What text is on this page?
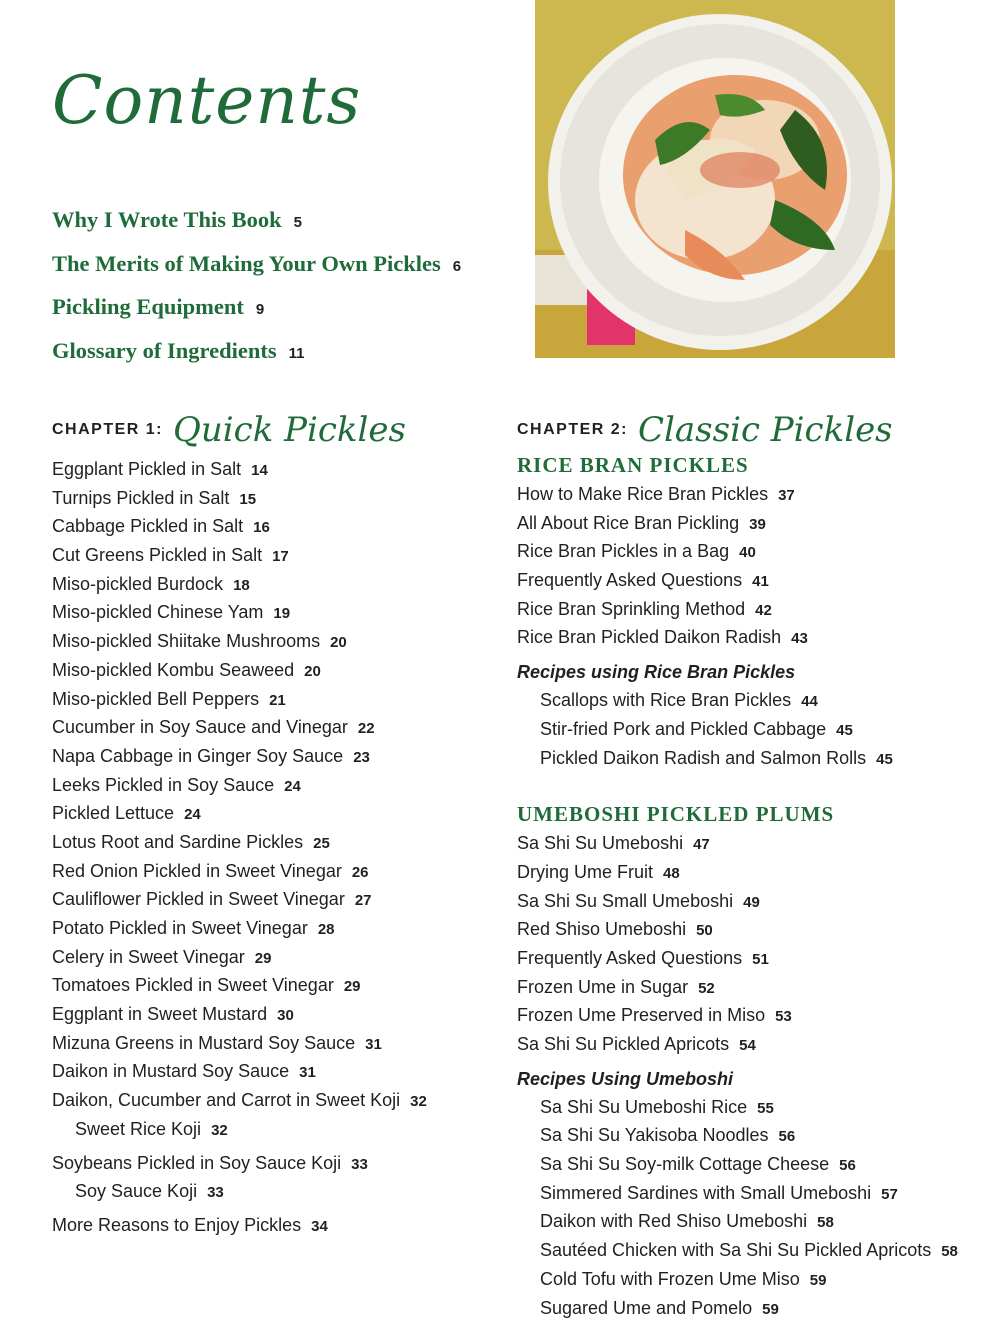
Contents
Why I Wrote This Book 5
The Merits of Making Your Own Pickles 6
Pickling Equipment 9
Glossary of Ingredients 11
CHAPTER 1: Quick Pickles
Eggplant Pickled in Salt 14
Turnips Pickled in Salt 15
Cabbage Pickled in Salt 16
Cut Greens Pickled in Salt 17
Miso-pickled Burdock 18
Miso-pickled Chinese Yam 19
Miso-pickled Shiitake Mushrooms 20
Miso-pickled Kombu Seaweed 20
Miso-pickled Bell Peppers 21
Cucumber in Soy Sauce and Vinegar 22
Napa Cabbage in Ginger Soy Sauce 23
Leeks Pickled in Soy Sauce 24
Pickled Lettuce 24
Lotus Root and Sardine Pickles 25
Red Onion Pickled in Sweet Vinegar 26
Cauliflower Pickled in Sweet Vinegar 27
Potato Pickled in Sweet Vinegar 28
Celery in Sweet Vinegar 29
Tomatoes Pickled in Sweet Vinegar 29
Eggplant in Sweet Mustard 30
Mizuna Greens in Mustard Soy Sauce 31
Daikon in Mustard Soy Sauce 31
Daikon, Cucumber and Carrot in Sweet Koji 32
Sweet Rice Koji 32
Soybeans Pickled in Soy Sauce Koji 33
Soy Sauce Koji 33
More Reasons to Enjoy Pickles 34
CHAPTER 2: Classic Pickles
RICE BRAN PICKLES
How to Make Rice Bran Pickles 37
All About Rice Bran Pickling 39
Rice Bran Pickles in a Bag 40
Frequently Asked Questions 41
Rice Bran Sprinkling Method 42
Rice Bran Pickled Daikon Radish 43
Recipes using Rice Bran Pickles
Scallops with Rice Bran Pickles 44
Stir-fried Pork and Pickled Cabbage 45
Pickled Daikon Radish and Salmon Rolls 45
UMEBOSHI PICKLED PLUMS
Sa Shi Su Umeboshi 47
Drying Ume Fruit 48
Sa Shi Su Small Umeboshi 49
Red Shiso Umeboshi 50
Frequently Asked Questions 51
Frozen Ume in Sugar 52
Frozen Ume Preserved in Miso 53
Sa Shi Su Pickled Apricots 54
Recipes Using Umeboshi
Sa Shi Su Umeboshi Rice 55
Sa Shi Su Yakisoba Noodles 56
Sa Shi Su Soy-milk Cottage Cheese 56
Simmered Sardines with Small Umeboshi 57
Daikon with Red Shiso Umeboshi 58
Sautéed Chicken with Sa Shi Su Pickled Apricots 58
Cold Tofu with Frozen Ume Miso 59
Sugared Ume and Pomelo 59
